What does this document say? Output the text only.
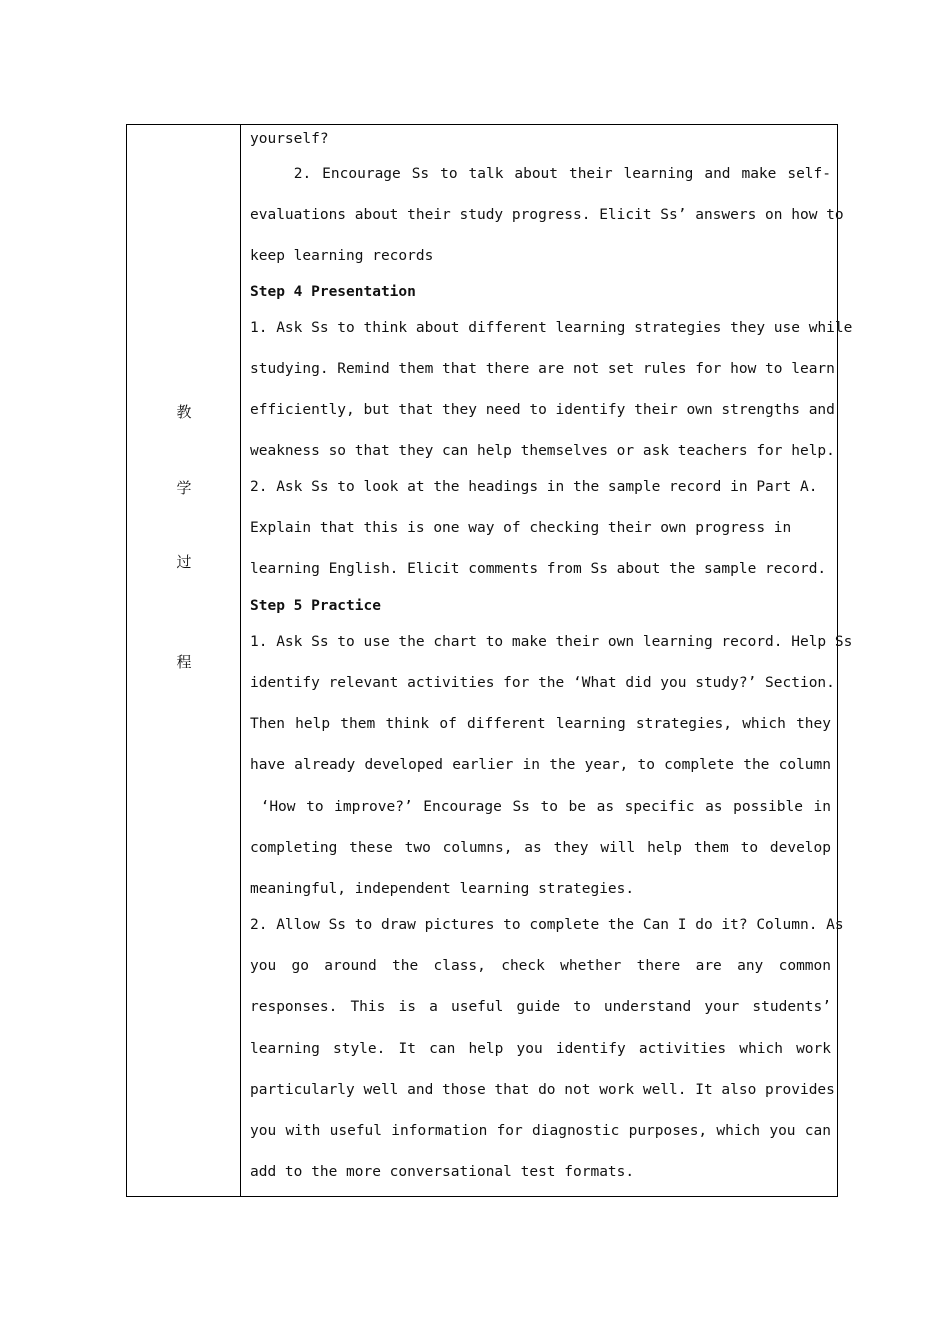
教
学
过
程
yourself?
2. Encourage Ss to talk about their learning and make self-
evaluations about their study progress. Elicit Ss’ answers on how to
keep learning records
Step 4 Presentation
1. Ask Ss to think about different learning strategies they use while
studying. Remind them that there are not set rules for how to learn
efficiently, but that they need to identify their own strengths and
weakness so that they can help themselves or ask teachers for help.
2. Ask Ss to look at the headings in the sample record in Part A.
Explain that this is one way of checking their own progress in
learning English. Elicit comments from Ss about the sample record.
Step 5 Practice
1. Ask Ss to use the chart to make their own learning record. Help Ss
identify relevant activities for the ‘What did you study?’ Section.
Then help them think of different learning strategies, which they
have already developed earlier in the year, to complete the column
‘How to improve?’ Encourage Ss to be as specific as possible in
completing these two columns, as they will help them to develop
meaningful, independent learning strategies.
2. Allow Ss to draw pictures to complete the Can I do it? Column. As
you go around the class, check whether there are any common
responses. This is a useful guide to understand your students’
learning style. It can help you identify activities which work
particularly well and those that do not work well. It also provides
you with useful information for diagnostic purposes, which you can
add to the more conversational test formats.
